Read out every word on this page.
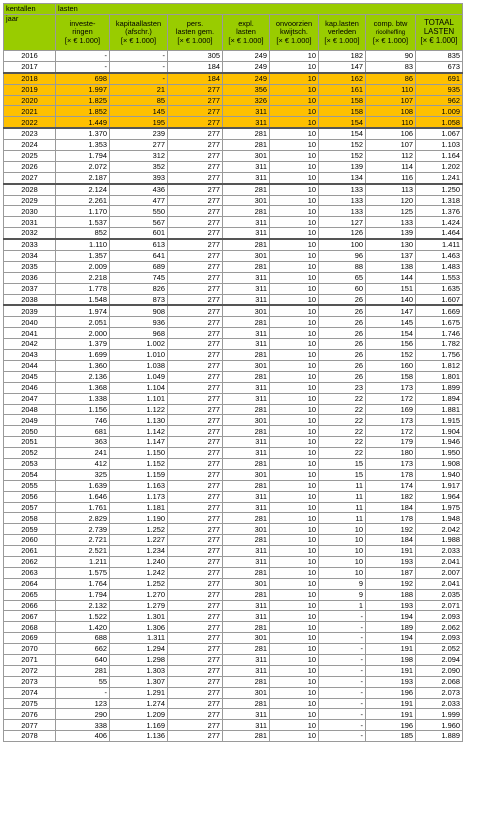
kentallen	lasten							
jaar	investe-
ringen
[× € 1.000]	kapitaallasten
(afschr.)
[× € 1.000]	pers.
lasten gem.
[× € 1.000]	expl.
lasten
[× € 1.000]	onvoorzien
kwijtsch.
[× € 1.000]	kap.lasten
verleden
[× € 1.000]	comp. btw
rioolheffing
[× € 1.000]	TOTAAL
LASTEN
[× € 1.000]
2016	-	-	305	249	10	182	90	835
2017	-	-	184	249	10	147	83	673
2018	698	-	184	249	10	162	86	691
2019	1.997	21	277	356	10	161	110	935
2020	1.825	85	277	326	10	158	107	962
2021	1.852	145	277	311	10	158	108	1.009
2022	1.449	195	277	311	10	154	110	1.058
2023	1.370	239	277	281	10	154	106	1.067
2024	1.353	277	277	281	10	152	107	1.103
2025	1.794	312	277	301	10	152	112	1.164
2026	2.072	352	277	311	10	139	114	1.202
2027	2.187	393	277	311	10	134	116	1.241
2028	2.124	436	277	281	10	133	113	1.250
2029	2.261	477	277	301	10	133	120	1.318
2030	1.170	550	277	281	10	133	125	1.376
2031	1.537	567	277	311	10	127	133	1.424
2032	852	601	277	311	10	126	139	1.464
2033	1.110	613	277	281	10	100	130	1.411
2034	1.357	641	277	301	10	96	137	1.463
2035	2.009	689	277	281	10	88	138	1.483
2036	2.218	745	277	311	10	65	144	1.553
2037	1.778	826	277	311	10	60	151	1.635
2038	1.548	873	277	311	10	26	140	1.607
2039	1.974	908	277	301	10	26	147	1.669
2040	2.051	936	277	281	10	26	145	1.675
2041	2.000	968	277	311	10	26	154	1.746
2042	1.379	1.002	277	311	10	26	156	1.782
2043	1.699	1.010	277	281	10	26	152	1.756
2044	1.360	1.038	277	301	10	26	160	1.812
2045	2.136	1.049	277	281	10	26	158	1.801
2046	1.368	1.104	277	311	10	23	173	1.899
2047	1.338	1.101	277	311	10	22	172	1.894
2048	1.156	1.122	277	281	10	22	169	1.881
2049	746	1.130	277	301	10	22	173	1.915
2050	681	1.142	277	281	10	22	172	1.904
2051	363	1.147	277	311	10	22	179	1.946
2052	241	1.150	277	311	10	22	180	1.950
2053	412	1.152	277	281	10	15	173	1.908
2054	325	1.159	277	301	10	15	178	1.940
2055	1.639	1.163	277	281	10	11	174	1.917
2056	1.646	1.173	277	311	10	11	182	1.964
2057	1.761	1.181	277	311	10	11	184	1.975
2058	2.829	1.190	277	281	10	11	178	1.948
2059	2.739	1.252	277	301	10	10	192	2.042
2060	2.721	1.227	277	281	10	10	184	1.988
2061	2.521	1.234	277	311	10	10	191	2.033
2062	1.211	1.240	277	311	10	10	193	2.041
2063	1.575	1.242	277	281	10	10	187	2.007
2064	1.764	1.252	277	301	10	9	192	2.041
2065	1.794	1.270	277	281	10	9	188	2.035
2066	2.132	1.279	277	311	10	1	193	2.071
2067	1.522	1.301	277	311	10	-	194	2.093
2068	1.420	1.306	277	281	10	-	189	2.062
2069	688	1.311	277	301	10	-	194	2.093
2070	662	1.294	277	281	10	-	191	2.052
2071	640	1.298	277	311	10	-	198	2.094
2072	281	1.303	277	311	10	-	191	2.090
2073	55	1.307	277	281	10	-	193	2.068
2074	-	1.291	277	301	10	-	196	2.073
2075	123	1.274	277	281	10	-	191	2.033
2076	290	1.209	277	311	10	-	191	1.999
2077	338	1.169	277	311	10	-	196	1.960
2078	406	1.136	277	281	10	-	185	1.889
